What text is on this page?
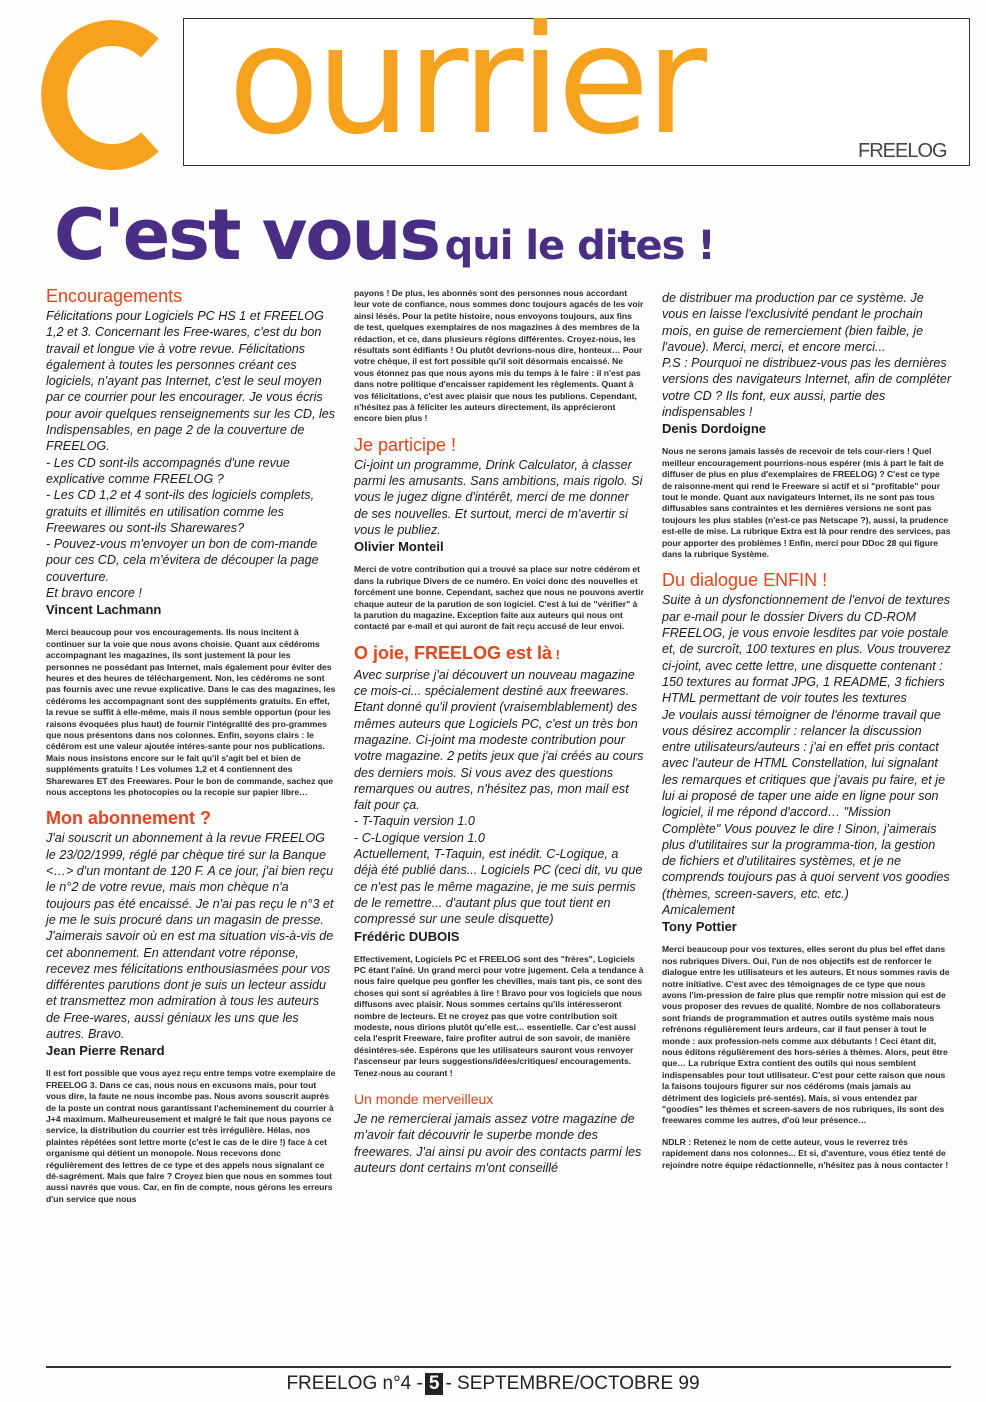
ourrier	FREELOG
C'est vous qui le dites !
Encouragements

Félicitations pour Logiciels PC HS 1 et FREELOG 1,2 et 3. Concernant les Free-wares, c'est du bon travail et longue vie à votre revue. Félicitations également à toutes les personnes créant ces logiciels, n'ayant pas Internet, c'est le seul moyen par ce courrier pour les encourager. Je vous écris pour avoir quelques renseignements sur les CD, les Indispensables, en page 2 de la couverture de FREELOG.

- Les CD sont-ils accompagnés d'une revue explicative comme FREELOG ?

- Les CD 1,2 et 4 sont-ils des logiciels complets, gratuits et illimités en utilisation comme les Freewares ou sont-ils Sharewares?

- Pouvez-vous m'envoyer un bon de com-mande pour ces CD, cela m'évitera de découper la page couverture.

Et bravo encore !

Vincent Lachmann
Merci beaucoup pour vos encouragements. Ils nous incitent à continuer sur la voie que nous avons choisie. Quant aux cédéroms accompagnant les magazines, ils sont justement là pour les personnes ne possédant pas Internet, mais également pour éviter des heures et des heures de téléchargement. Non, les cédéroms ne sont pas fournis avec une revue explicative. Dans le cas des magazines, les cédéroms les accompagnant sont des suppléments gratuits. En effet, la revue se suffit à elle-même, mais il nous semble opportun (pour les raisons évoquées plus haut) de fournir l'intégralité des pro-grammes que nous présentons dans nos colonnes. Enfin, soyons clairs : le cédérom est une valeur ajoutée intéres-sante pour nos publications. Mais nous insistons encore sur le fait qu'il s'agit bel et bien de suppléments gratuits ! Les volumes 1,2 et 4 contiennent des Sharewares ET des Freewares. Pour le bon de commande, sachez que nous acceptons les photocopies ou la recopie sur papier libre…
Mon abonnement ?

J'ai souscrit un abonnement à la revue FREELOG le 23/02/1999, réglé par chèque tiré sur la Banque <…> d'un montant de 120 F. A ce jour, j'ai bien reçu le n°2 de votre revue, mais mon chèque n'a toujours pas été encaissé. Je n'ai pas reçu le n°3 et je me le suis procuré dans un magasin de presse. J'aimerais savoir où en est ma situation vis-à-vis de cet abonnement. En attendant votre réponse, recevez mes félicitations enthousiasmées pour vos différentes parutions dont je suis un lecteur assidu et transmettez mon admiration à tous les auteurs de Free-wares, aussi géniaux les uns que les autres. Bravo.

Jean Pierre Renard
Il est fort possible que vous ayez reçu entre temps votre exemplaire de FREELOG 3. Dans ce cas, nous nous en excusons mais, pour tout vous dire, la faute ne nous incombe pas. Nous avons souscrit auprès de la poste un contrat nous garantissant l'acheminement du courrier à J+4 maximum. Malheureusement et malgré le fait que nous payons ce service, la distribution du courrier est très irrégulière. Hélas, nos plaintes répétées sont lettre morte (c'est le cas de le dire !) face à cet organisme qui détient un monopole. Nous recevons donc régulièrement des lettres de ce type et des appels nous signalant ce dé-sagrément. Mais que faire ? Croyez bien que nous en sommes tout aussi navrés que vous. Car, en fin de compte, nous gérons les erreurs d'un service que nous
payons ! De plus, les abonnés sont des personnes nous accordant leur vote de confiance, nous sommes donc toujours agacés de les voir ainsi lésés. Pour la petite histoire, nous envoyons toujours, aux fins de test, quelques exemplaires de nos magazines à des membres de la rédaction, et ce, dans plusieurs régions différentes. Croyez-nous, les résultats sont édifiants ! Ou plutôt devrions-nous dire, honteux… Pour votre chèque, il est fort possible qu'il soit désormais encaissé. Ne vous étonnez pas que nous ayons mis du temps à le faire : il n'est pas dans notre politique d'encaisser rapidement les règlements. Quant à vos félicitations, c'est avec plaisir que nous les publions. Cependant, n'hésitez pas à féliciter les auteurs directement, ils apprécieront encore bien plus !
Je participe !

Ci-joint un programme, Drink Calculator, à classer parmi les amusants. Sans ambitions, mais rigolo. Si vous le jugez digne d'intérêt, merci de me donner de ses nouvelles. Et surtout, merci de m'avertir si vous le publiez.

Olivier Monteil
Merci de votre contribution qui a trouvé sa place sur notre cédérom et dans la rubrique Divers de ce numéro. En voici donc des nouvelles et forcément une bonne. Cependant, sachez que nous ne pouvons avertir chaque auteur de la parution de son logiciel. C'est à lui de "vérifier" à la parution du magazine. Exception faite aux auteurs qui nous ont contacté par e-mail et qui auront de fait reçu accusé de leur envoi.
O joie, FREELOG est là !

Avec surprise j'ai découvert un nouveau magazine ce mois-ci... spécialement destiné aux freewares. Etant donné qu'il provient (vraisemblablement) des mêmes auteurs que Logiciels PC, c'est un très bon magazine. Ci-joint ma modeste contribution pour votre magazine. 2 petits jeux que j'ai créés au cours des derniers mois. Si vous avez des questions remarques ou autres, n'hésitez pas, mon mail est fait pour ça.

- T-Taquin version 1.0

- C-Logique version 1.0

Actuellement, T-Taquin, est inédit. C-Logique, a déjà été publié dans... Logiciels PC (ceci dit, vu que ce n'est pas le même magazine, je me suis permis de le remettre... d'autant plus que tout tient en compressé sur une seule disquette)

Frédéric DUBOIS
Effectivement, Logiciels PC et FREELOG sont des "frères", Logiciels PC étant l'aîné. Un grand merci pour votre jugement. Cela a tendance à nous faire quelque peu gonfler les chevilles, mais tant pis, ce sont des choses qui sont si agréables à lire ! Bravo pour vos logiciels que nous diffusons avec plaisir. Nous sommes certains qu'ils intéresseront nombre de lecteurs. Et ne croyez pas que votre contribution soit modeste, nous dirions plutôt qu'elle est… essentielle. Car c'est aussi cela l'esprit Freeware, faire profiter autrui de son savoir, de manière désintéres-sée. Espérons que les utilisateurs sauront vous renvoyer l'ascenseur par leurs suggestions/idées/critiques/ encouragements. Tenez-nous au courant !
Un monde merveilleux

Je ne remercierai jamais assez votre magazine de m'avoir fait découvrir le superbe monde des freewares. J'ai ainsi pu avoir des contacts parmi les auteurs dont certains m'ont conseillé

de distribuer ma production par ce système. Je vous en laisse l'exclusivité pendant le prochain mois, en guise de remerciement (bien faible, je l'avoue). Merci, merci, et encore merci...

P.S : Pourquoi ne distribuez-vous pas les dernières versions des navigateurs Internet, afin de compléter votre CD ? Ils font, eux aussi, partie des indispensables !

Denis Dordoigne
Nous ne serons jamais lassés de recevoir de tels cour-riers ! Quel meilleur encouragement pourrions-nous espérer (mis à part le fait de diffuser de plus en plus d'exemplaires de FREELOG) ? C'est ce type de raisonne-ment qui rend le Freeware si actif et si "profitable" pour tout le monde. Quant aux navigateurs Internet, ils ne sont pas tous diffusables sans contraintes et les dernières versions ne sont pas toujours les plus stables (n'est-ce pas Netscape ?), aussi, la prudence est-elle de mise. La rubrique Extra est là pour rendre des services, pas pour apporter des problèmes ! Enfin, merci pour DDoc 28 qui figure dans la rubrique Système.
Du dialogue ENFIN !

Suite à un dysfonctionnement de l'envoi de textures par e-mail pour le dossier Divers du CD-ROM FREELOG, je vous envoie lesdites par voie postale et, de surcroît, 100 textures en plus. Vous trouverez ci-joint, avec cette lettre, une disquette contenant :

150 textures au format JPG, 1 README, 3 fichiers HTML permettant de voir toutes les textures

Je voulais aussi témoigner de l'énorme travail que vous désirez accomplir : relancer la discussion entre utilisateurs/auteurs : j'ai en effet pris contact avec l'auteur de HTML Constellation, lui signalant les remarques et critiques que j'avais pu faire, et je lui ai proposé de taper une aide en ligne pour son logiciel, il me répond d'accord… "Mission Complète" Vous pouvez le dire ! Sinon, j'aimerais plus d'utilitaires sur la programma-tion, la gestion de fichiers et d'utilitaires systèmes, et je ne comprends toujours pas à quoi servent vos goodies (thèmes, screen-savers, etc. etc.)

Amicalement

Tony Pottier
Merci beaucoup pour vos textures, elles seront du plus bel effet dans nos rubriques Divers. Oui, l'un de nos objectifs est de renforcer le dialogue entre les utilisateurs et les auteurs. Et nous sommes ravis de notre initiative. C'est avec des témoignages de ce type que nous avons l'im-pression de faire plus que remplir notre mission qui est de vous proposer des revues de qualité. Nombre de nos collaborateurs sont friands de programmation et autres outils système mais nous refrénons régulièrement leurs ardeurs, car il faut penser à tout le monde : aux profession-nels comme aux débutants ! Ceci étant dit, nous éditons régulièrement des hors-séries à thèmes. Alors, peut être que… La rubrique Extra contient des outils qui nous semblent indispensables pour tout utilisateur. C'est pour cette raison que nous la faisons toujours figurer sur nos cédéroms (mais jamais au détriment des logiciels pré-sentés). Mais, si vous entendez par "goodies" les thèmes et screen-savers de nos rubriques, ils sont des freewares comme les autres, d'où leur présence…
NDLR : Retenez le nom de cette auteur, vous le reverrez très rapidement dans nos colonnes... Et si, d'aventure, vous étiez tenté de rejoindre notre équipe rédactionnelle, n'hésitez pas à nous contacter !
FREELOG n°4 - 5 - SEPTEMBRE/OCTOBRE 99
